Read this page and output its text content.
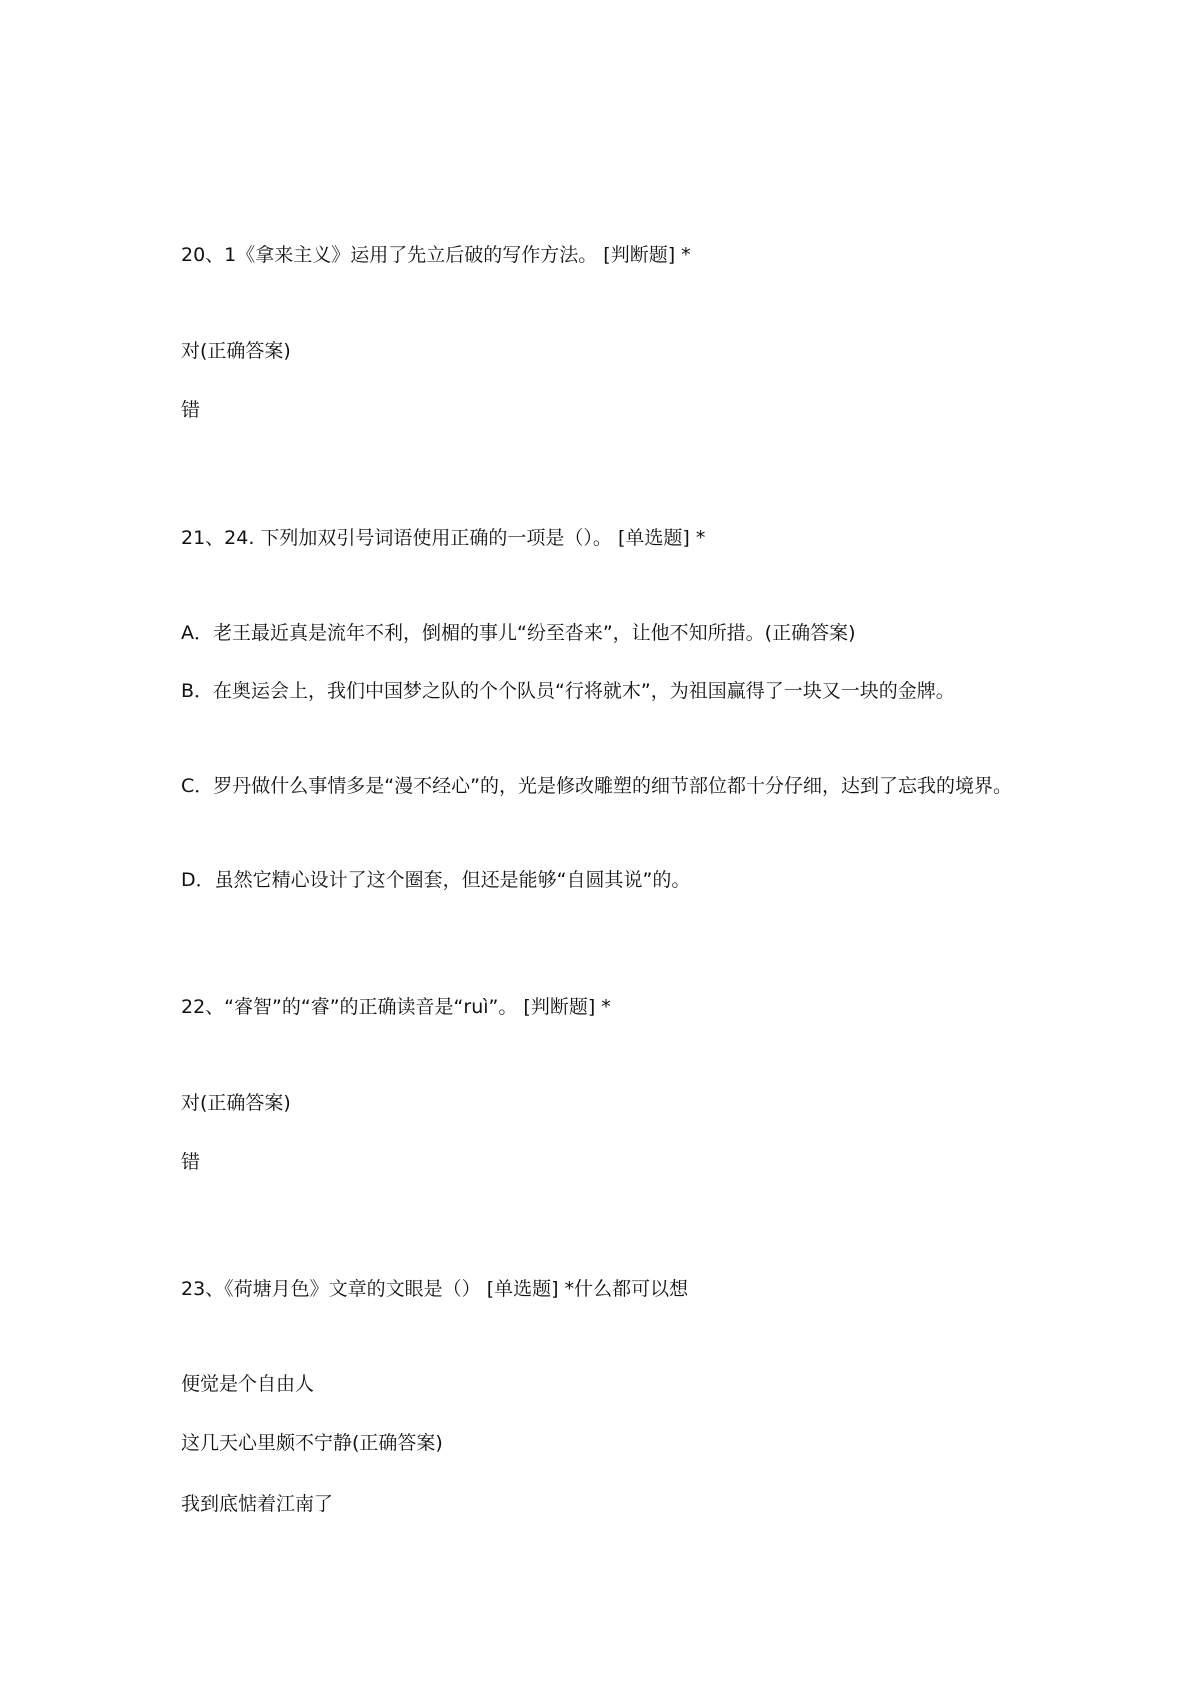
20、1《拿来主义》运用了先立后破的写作方法。 [判断题] *
对(正确答案)
错
21、24. 下列加双引号词语使用正确的一项是（）。 [单选题] *
A．老王最近真是流年不利，倒楣的事儿“纷至沓来”，让他不知所措。(正确答案)
B．在奥运会上，我们中国梦之队的个个队员“行将就木”，为祖国赢得了一块又一块的金牌。
C．罗丹做什么事情多是“漫不经心”的，光是修改雕塑的细节部位都十分仔细，达到了忘我的境界。
D．虽然它精心设计了这个圈套，但还是能够“自圆其说”的。
22、“睿智”的“睿”的正确读音是“ruì”。 [判断题] *
对(正确答案)
错
23、《荷塘月色》文章的文眼是（） [单选题] *什么都可以想
便觉是个自由人
这几天心里颇不宁静(正确答案)
我到底惦着江南了
